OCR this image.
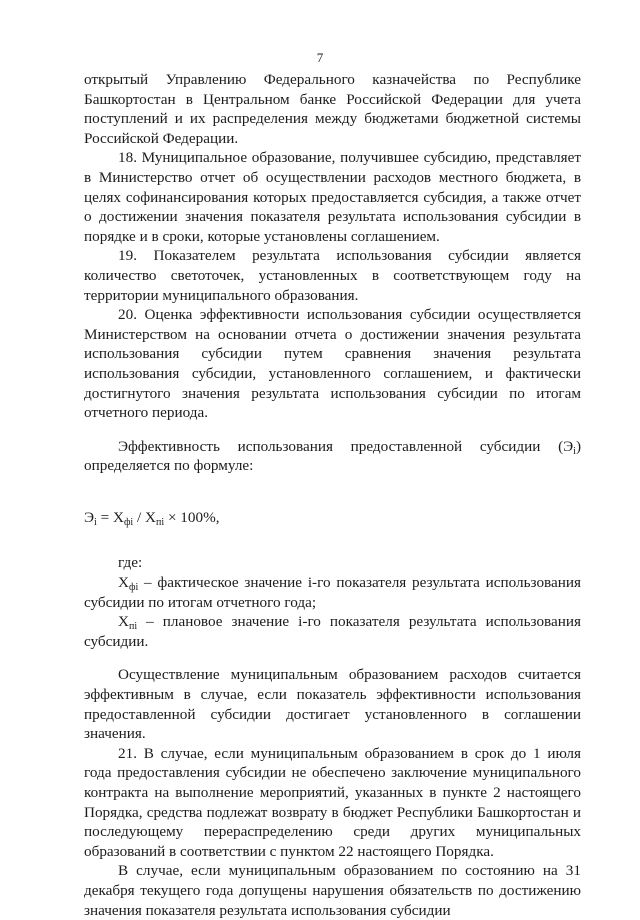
7

открытый Управлению Федерального казначейства по Республике Башкортостан в Центральном банке Российской Федерации для учета поступлений и их распределения между бюджетами бюджетной системы Российской Федерации.

18. Муниципальное образование, получившее субсидию, представляет в Министерство отчет об осуществлении расходов местного бюджета, в целях софинансирования которых предоставляется субсидия, а также отчет о достижении значения показателя результата использования субсидии в порядке и в сроки, которые установлены соглашением.

19. Показателем результата использования субсидии является количество светоточек, установленных в соответствующем году на территории муниципального образования.

20. Оценка эффективности использования субсидии осуществляется Министерством на основании отчета о достижении значения результата использования субсидии путем сравнения значения результата использования субсидии, установленного соглашением, и фактически достигнутого значения результата использования субсидии по итогам отчетного периода.

Эффективность использования предоставленной субсидии $(Э_i)$ определяется по формуле:

$Э_i = X_{фi} / X_{пi} \times 100\%$,

где:

$X_{фi}$ – фактическое значение i-го показателя результата использования субсидии по итогам отчетного года;

$X_{пi}$ – плановое значение i-го показателя результата использования субсидии.

Осуществление муниципальным образованием расходов считается эффективным в случае, если показатель эффективности использования предоставленной субсидии достигает установленного в соглашении значения.

21. В случае, если муниципальным образованием в срок до 1 июля года предоставления субсидии не обеспечено заключение муниципального контракта на выполнение мероприятий, указанных в пункте 2 настоящего Порядка, средства подлежат возврату в бюджет Республики Башкортостан и последующему перераспределению среди других муниципальных образований в соответствии с пунктом 22 настоящего Порядка.

В случае, если муниципальным образованием по состоянию на 31 декабря текущего года допущены нарушения обязательств по достижению значения показателя результата использования субсидии
